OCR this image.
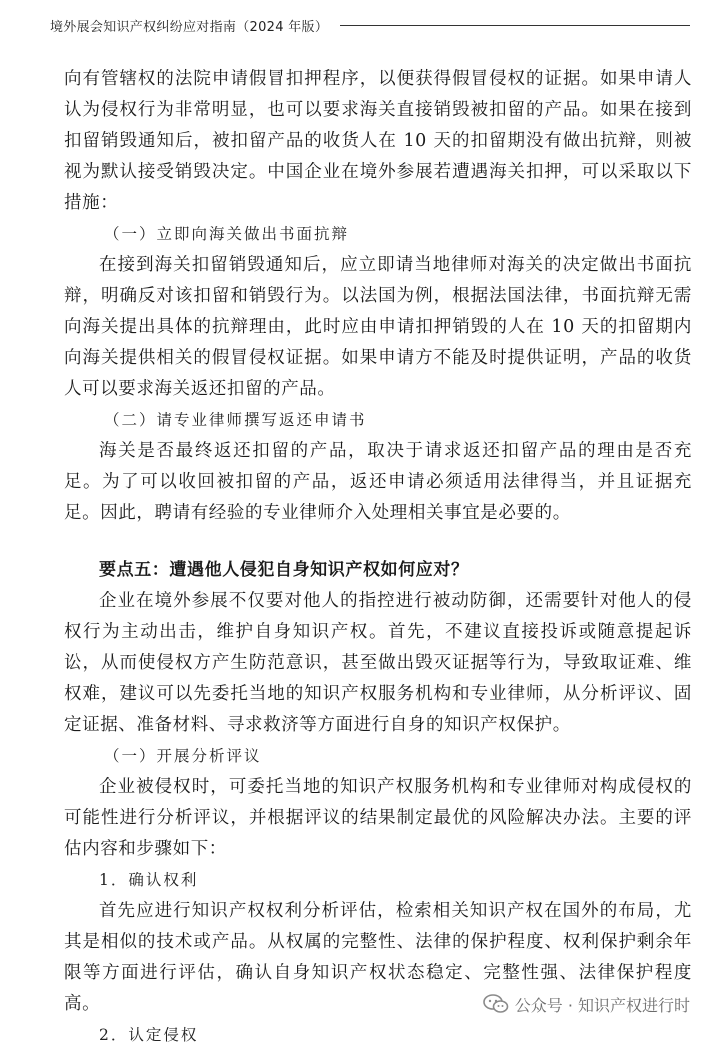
境外展会知识产权纠纷应对指南（2024 年版）

向有管辖权的法院申请假冒扣押程序，以便获得假冒侵权的证据。如果申请人认为侵权行为非常明显，也可以要求海关直接销毁被扣留的产品。如果在接到扣留销毁通知后，被扣留产品的收货人在 10 天的扣留期没有做出抗辩，则被视为默认接受销毁决定。中国企业在境外参展若遭遇海关扣押，可以采取以下措施：

（一）立即向海关做出书面抗辩

在接到海关扣留销毁通知后，应立即请当地律师对海关的决定做出书面抗辩，明确反对该扣留和销毁行为。以法国为例，根据法国法律，书面抗辩无需向海关提出具体的抗辩理由，此时应由申请扣押销毁的人在 10 天的扣留期内向海关提供相关的假冒侵权证据。如果申请方不能及时提供证明，产品的收货人可以要求海关返还扣留的产品。

（二）请专业律师撰写返还申请书

海关是否最终返还扣留的产品，取决于请求返还扣留产品的理由是否充足。为了可以收回被扣留的产品，返还申请必须适用法律得当，并且证据充足。因此，聘请有经验的专业律师介入处理相关事宜是必要的。

要点五：遭遇他人侵犯自身知识产权如何应对？

企业在境外参展不仅要对他人的指控进行被动防御，还需要针对他人的侵权行为主动出击，维护自身知识产权。首先，不建议直接投诉或随意提起诉讼，从而使侵权方产生防范意识，甚至做出毁灭证据等行为，导致取证难、维权难，建议可以先委托当地的知识产权服务机构和专业律师，从分析评议、固定证据、准备材料、寻求救济等方面进行自身的知识产权保护。

（一）开展分析评议

企业被侵权时，可委托当地的知识产权服务机构和专业律师对构成侵权的可能性进行分析评议，并根据评议的结果制定最优的风险解决办法。主要的评估内容和步骤如下：

1．确认权利

首先应进行知识产权权利分析评估，检索相关知识产权在国外的布局，尤其是相似的技术或产品。从权属的完整性、法律的保护程度、权利保护剩余年限等方面进行评估，确认自身知识产权状态稳定、完整性强、法律保护程度高。

2．认定侵权

公众号 · 知识产权进行时
